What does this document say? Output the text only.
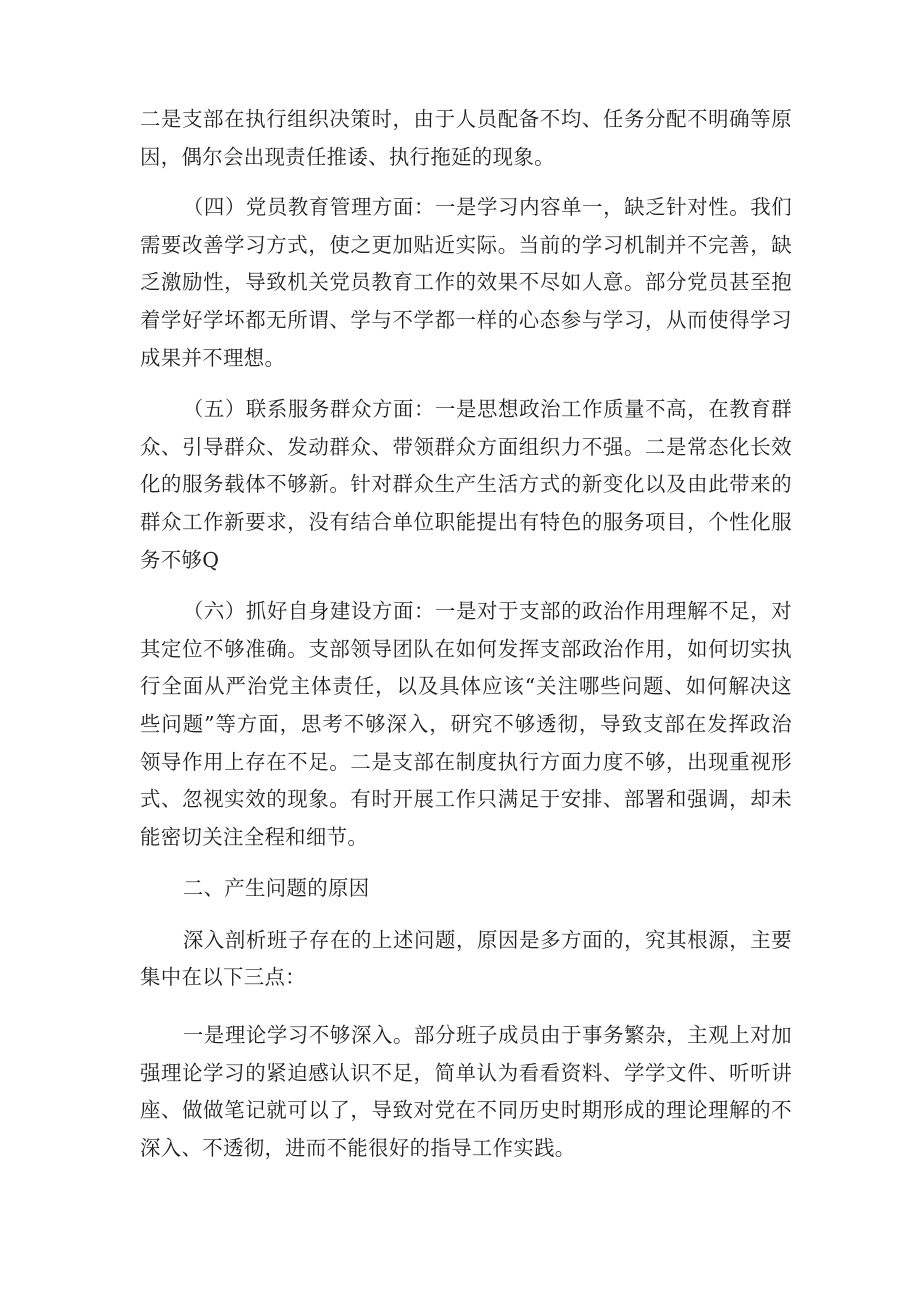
二是支部在执行组织决策时，由于人员配备不均、任务分配不明确等原因，偶尔会出现责任推诿、执行拖延的现象。

（四）党员教育管理方面：一是学习内容单一，缺乏针对性。我们需要改善学习方式，使之更加贴近实际。当前的学习机制并不完善，缺乏激励性，导致机关党员教育工作的效果不尽如人意。部分党员甚至抱着学好学坏都无所谓、学与不学都一样的心态参与学习，从而使得学习成果并不理想。

（五）联系服务群众方面：一是思想政治工作质量不高，在教育群众、引导群众、发动群众、带领群众方面组织力不强。二是常态化长效化的服务载体不够新。针对群众生产生活方式的新变化以及由此带来的群众工作新要求，没有结合单位职能提出有特色的服务项目，个性化服务不够Q

（六）抓好自身建设方面：一是对于支部的政治作用理解不足，对其定位不够准确。支部领导团队在如何发挥支部政治作用，如何切实执行全面从严治党主体责任，以及具体应该“关注哪些问题、如何解决这些问题”等方面，思考不够深入，研究不够透彻，导致支部在发挥政治领导作用上存在不足。二是支部在制度执行方面力度不够，出现重视形式、忽视实效的现象。有时开展工作只满足于安排、部署和强调，却未能密切关注全程和细节。

二、产生问题的原因

深入剖析班子存在的上述问题，原因是多方面的，究其根源，主要集中在以下三点：

一是理论学习不够深入。部分班子成员由于事务繁杂，主观上对加强理论学习的紧迫感认识不足，简单认为看看资料、学学文件、听听讲座、做做笔记就可以了，导致对党在不同历史时期形成的理论理解的不深入、不透彻，进而不能很好的指导工作实践。
